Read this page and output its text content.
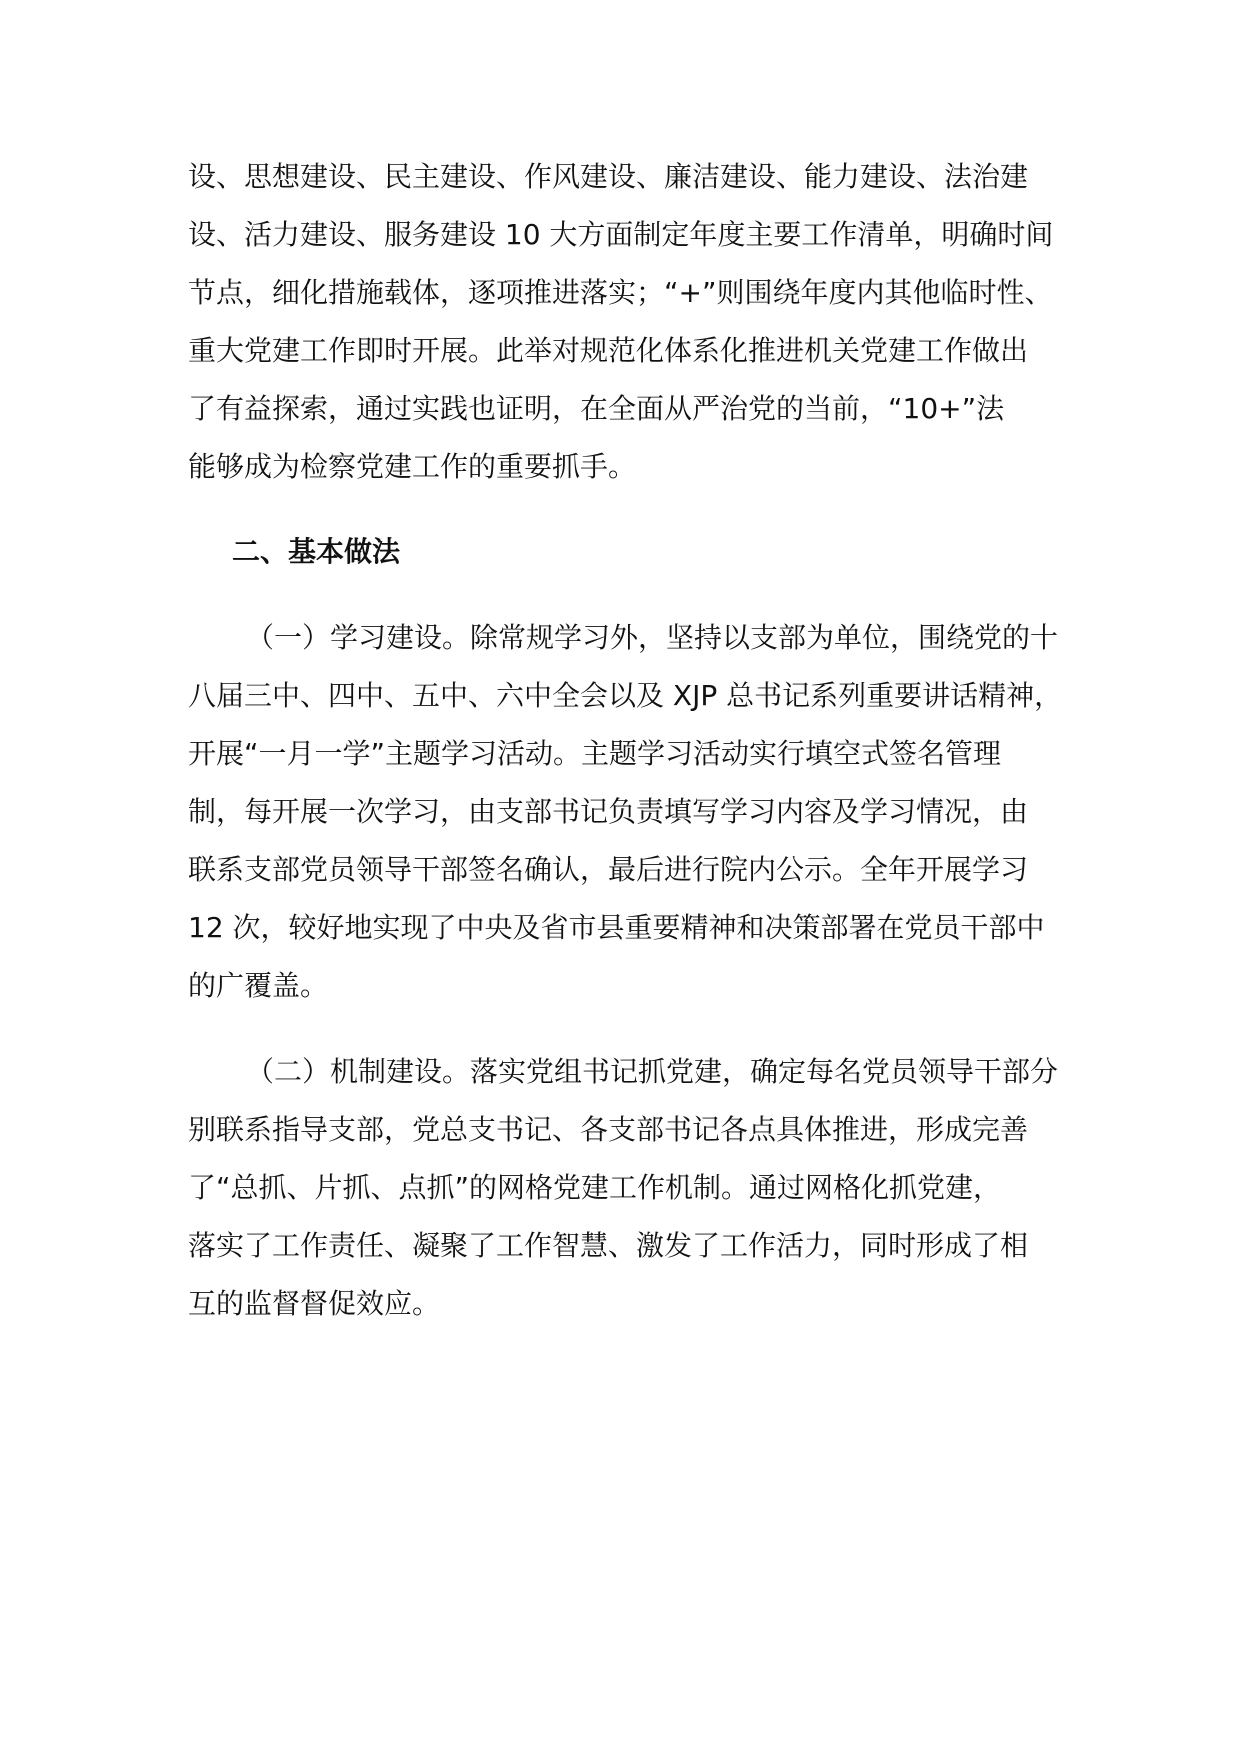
设、思想建设、民主建设、作风建设、廉洁建设、能力建设、法治建
设、活力建设、服务建设 10 大方面制定年度主要工作清单，明确时间
节点，细化措施载体，逐项推进落实；“+”则围绕年度内其他临时性、
重大党建工作即时开展。此举对规范化体系化推进机关党建工作做出
了有益探索，通过实践也证明，在全面从严治党的当前，“10+”法
能够成为检察党建工作的重要抓手。
二、基本做法
（一）学习建设。除常规学习外，坚持以支部为单位，围绕党的十
八届三中、四中、五中、六中全会以及 XJP 总书记系列重要讲话精神，
开展“一月一学”主题学习活动。主题学习活动实行填空式签名管理
制，每开展一次学习，由支部书记负责填写学习内容及学习情况，由
联系支部党员领导干部签名确认，最后进行院内公示。全年开展学习
12 次，较好地实现了中央及省市县重要精神和决策部署在党员干部中
的广覆盖。
（二）机制建设。落实党组书记抓党建，确定每名党员领导干部分
别联系指导支部，党总支书记、各支部书记各点具体推进，形成完善
了“总抓、片抓、点抓”的网格党建工作机制。通过网格化抓党建，
落实了工作责任、凝聚了工作智慧、激发了工作活力，同时形成了相
互的监督督促效应。
